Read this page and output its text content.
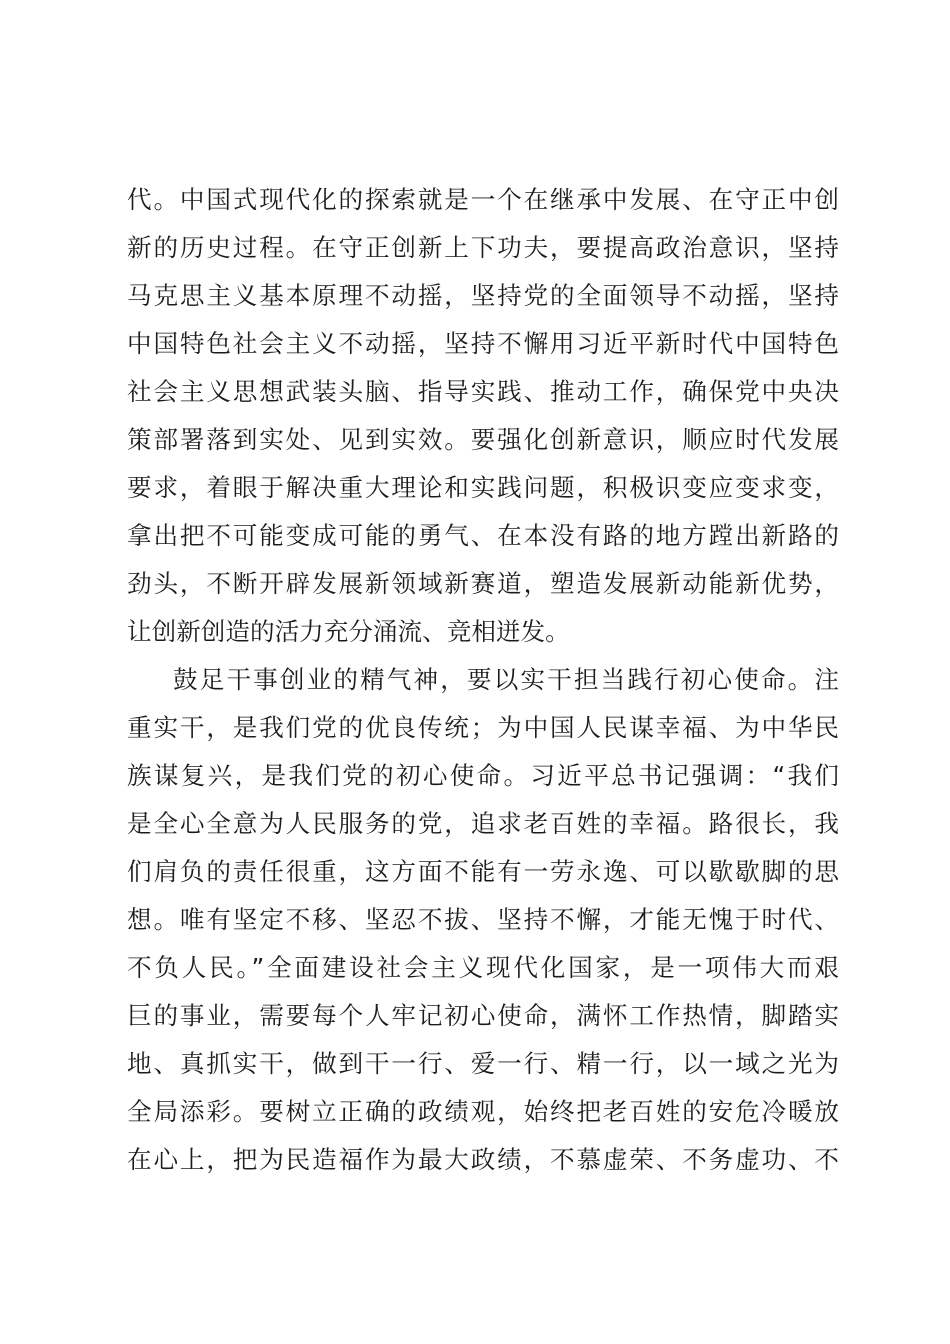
代。中国式现代化的探索就是一个在继承中发展、在守正中创
新的历史过程。在守正创新上下功夫，要提高政治意识，坚持
马克思主义基本原理不动摇，坚持党的全面领导不动摇，坚持
中国特色社会主义不动摇，坚持不懈用习近平新时代中国特色
社会主义思想武装头脑、指导实践、推动工作，确保党中央决
策部署落到实处、见到实效。要强化创新意识，顺应时代发展
要求，着眼于解决重大理论和实践问题，积极识变应变求变，
拿出把不可能变成可能的勇气、在本没有路的地方蹚出新路的
劲头，不断开辟发展新领域新赛道，塑造发展新动能新优势，
让创新创造的活力充分涌流、竞相迸发。
鼓足干事创业的精气神，要以实干担当践行初心使命。注
重实干，是我们党的优良传统；为中国人民谋幸福、为中华民
族谋复兴，是我们党的初心使命。习近平总书记强调：“我们
是全心全意为人民服务的党，追求老百姓的幸福。路很长，我
们肩负的责任很重，这方面不能有一劳永逸、可以歇歇脚的思
想。唯有坚定不移、坚忍不拔、坚持不懈，才能无愧于时代、
不负人民。”全面建设社会主义现代化国家，是一项伟大而艰
巨的事业，需要每个人牢记初心使命，满怀工作热情，脚踏实
地、真抓实干，做到干一行、爱一行、精一行，以一域之光为
全局添彩。要树立正确的政绩观，始终把老百姓的安危冷暖放
在心上，把为民造福作为最大政绩，不慕虚荣、不务虚功、不
